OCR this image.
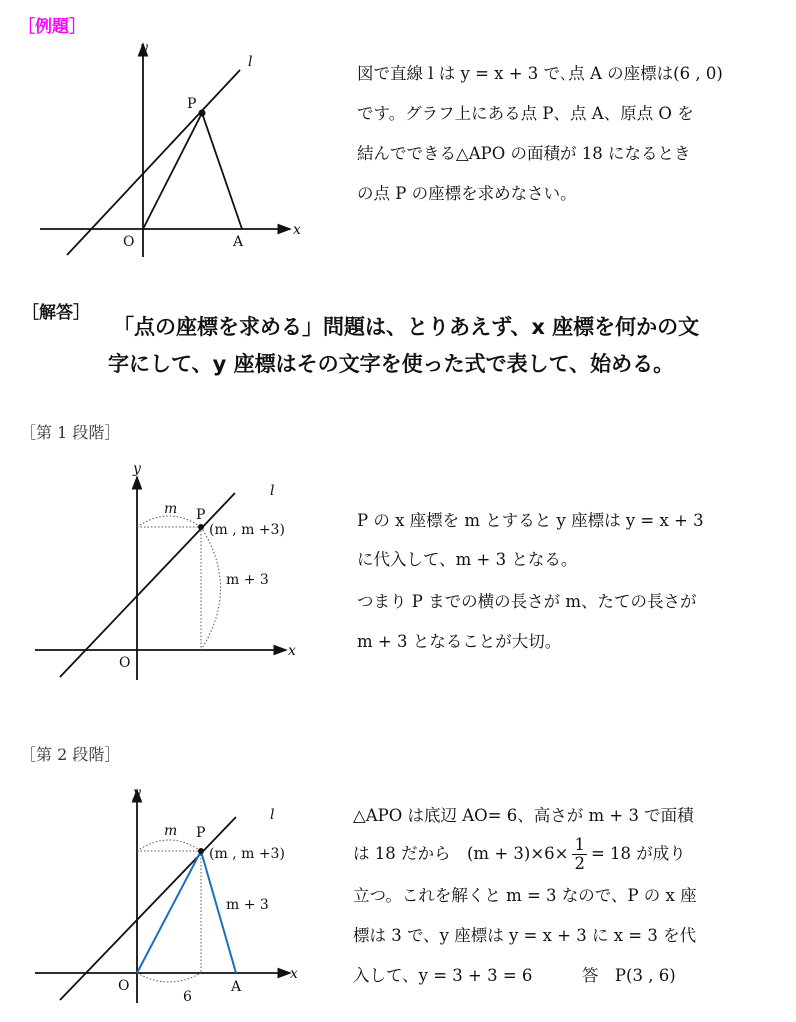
［例題］
y
l
P
x
O	A
図で直線 l は y = x + 3 で､点 A の座標は(6 , 0)
です。グラフ上にある点 P、点 A、原点 O を
結んでできる△APO の面積が 18 になるとき
の点 P の座標を求めなさい。
［解答］
「点の座標を求める」問題は、とりあえず、x 座標を何かの文
字にして、y 座標はその文字を使った式で表して、始める。
［第 1 段階］
y
l
P
m
(m , m +3)
m + 3
x
O
P の x 座標を m とすると y 座標は y = x + 3
に代入して、m + 3 となる。
つまり P までの横の長さが m、たての長さが
m + 3 となることが大切。
［第 2 段階］
y
l
P
m
(m , m +3)
m + 3
x
O
6
A
△APO は底辺 AO= 6、高さが m + 3 で面積
は 18 だから　$(m + 3)\times 6\times \frac{1}{2} = 18$ が成り
立つ。これを解くと m = 3 なので、P の x 座
標は 3 で、y 座標は y = x + 3 に x = 3 を代
入して、y = 3 + 3 = 6　　　答　P(3 , 6)
